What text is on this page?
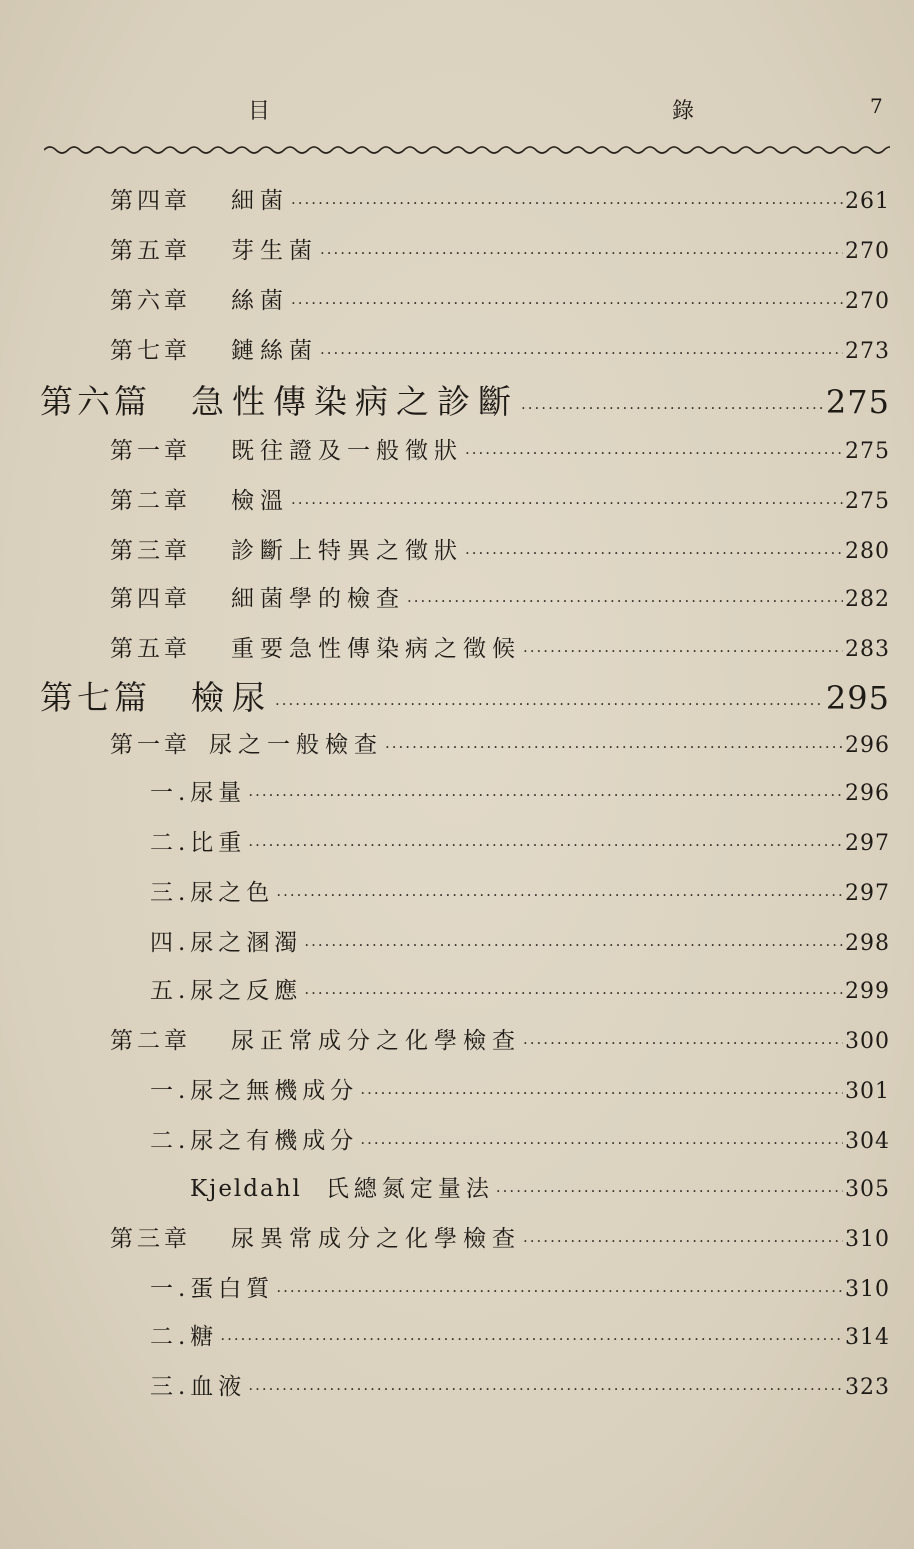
目	錄	7
第四章	細菌 ·····	261
第五章	芽生菌 ·····	270
第六章	絲菌 ·····	270
第七章	鏈絲菌 ·····	273
第六篇	急性傳染病之診斷 ·····	275
第一章	既往證及一般徵狀 ·····	275
第二章	檢溫 ·····	275
第三章	診斷上特異之徵狀 ·····	280
第四章	細菌學的檢查 ·····	282
第五章	重要急性傳染病之徵候 ·····	283
第七篇	檢尿 ·····	295
第一章 尿之一般檢查 ·····	296
一.尿量 ·····	296
二.比重 ·····	297
三.尿之色 ·····	297
四.尿之溷濁 ·····	298
五.尿之反應 ·····	299
第二章	尿正常成分之化學檢查 ·····	300
一.尿之無機成分 ·····	301
二.尿之有機成分 ·····	304
Kjeldahl	氏總氮定量法 ·····	305
第三章	尿異常成分之化學檢查 ·····	310
一.蛋白質 ·····	310
二.糖 ·····	314
三.血液 ·····	323
